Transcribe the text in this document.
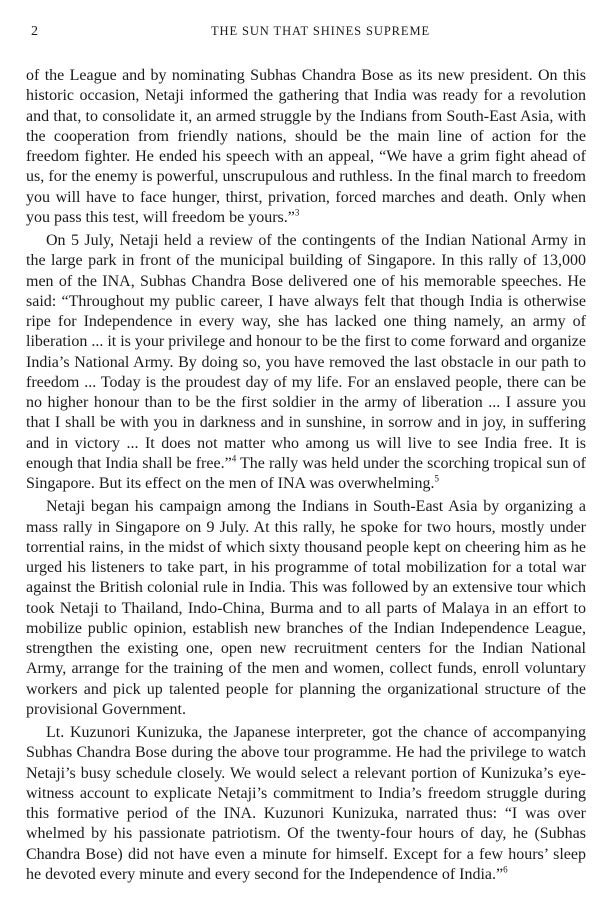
2	THE SUN THAT SHINES SUPREME

of the League and by nominating Subhas Chandra Bose as its new president. On this historic occasion, Netaji informed the gathering that India was ready for a revolution and that, to consolidate it, an armed struggle by the Indians from South-East Asia, with the cooperation from friendly nations, should be the main line of action for the freedom fighter. He ended his speech with an appeal, “We have a grim fight ahead of us, for the enemy is powerful, unscrupulous and ruthless. In the final march to freedom you will have to face hunger, thirst, privation, forced marches and death. Only when you pass this test, will freedom be yours.”$^3$

On 5 July, Netaji held a review of the contingents of the Indian National Army in the large park in front of the municipal building of Singapore. In this rally of 13,000 men of the INA, Subhas Chandra Bose delivered one of his memorable speeches. He said: “Throughout my public career, I have always felt that though India is otherwise ripe for Independence in every way, she has lacked one thing namely, an army of liberation ... it is your privilege and honour to be the first to come forward and organize India’s National Army. By doing so, you have removed the last obstacle in our path to freedom ... Today is the proudest day of my life. For an enslaved people, there can be no higher honour than to be the first soldier in the army of liberation ... I assure you that I shall be with you in darkness and in sunshine, in sorrow and in joy, in suffering and in victory ... It does not matter who among us will live to see India free. It is enough that India shall be free.”$^4$ The rally was held under the scorching tropical sun of Singapore. But its effect on the men of INA was overwhelming.$^5$

Netaji began his campaign among the Indians in South-East Asia by organizing a mass rally in Singapore on 9 July. At this rally, he spoke for two hours, mostly under torrential rains, in the midst of which sixty thousand people kept on cheering him as he urged his listeners to take part, in his programme of total mobilization for a total war against the British colonial rule in India. This was followed by an extensive tour which took Netaji to Thailand, Indo-China, Burma and to all parts of Malaya in an effort to mobilize public opinion, establish new branches of the Indian Independence League, strengthen the existing one, open new recruitment centers for the Indian National Army, arrange for the training of the men and women, collect funds, enroll voluntary workers and pick up talented people for planning the organizational structure of the provisional Government.

Lt. Kuzunori Kunizuka, the Japanese interpreter, got the chance of accompanying Subhas Chandra Bose during the above tour programme. He had the privilege to watch Netaji’s busy schedule closely. We would select a relevant portion of Kunizuka’s eye-witness account to explicate Netaji’s commitment to India’s freedom struggle during this formative period of the INA. Kuzunori Kunizuka, narrated thus: “I was over whelmed by his passionate patriotism. Of the twenty-four hours of day, he (Subhas Chandra Bose) did not have even a minute for himself. Except for a few hours’ sleep he devoted every minute and every second for the Independence of India.”$^6$
